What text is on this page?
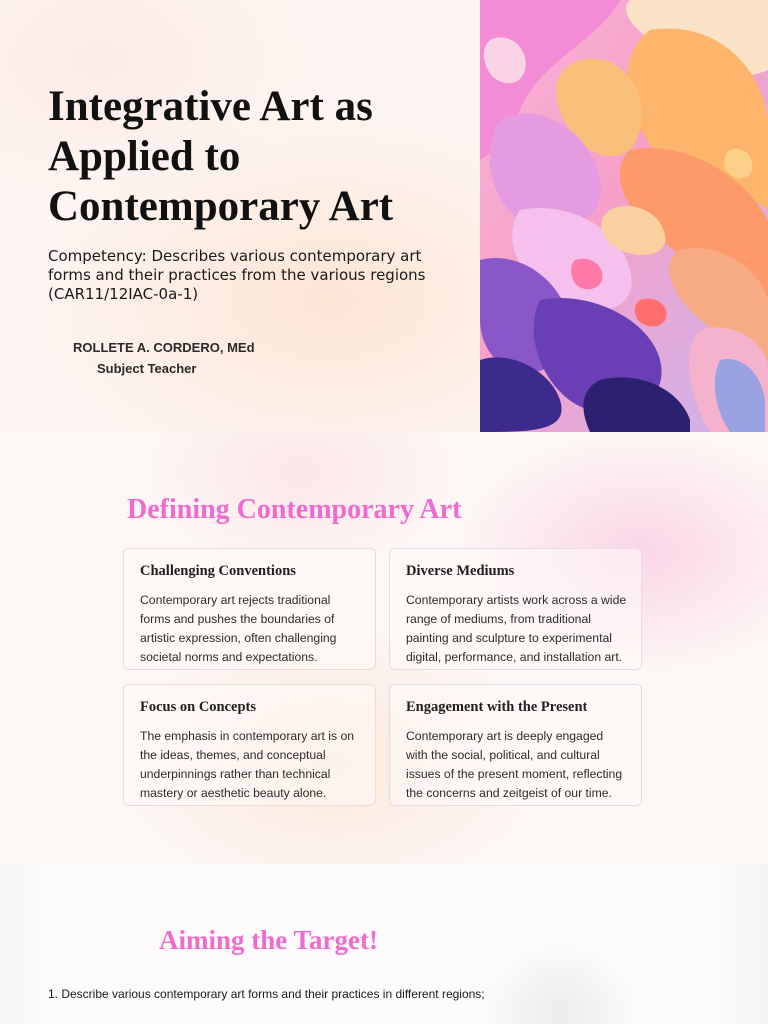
Integrative Art as Applied to Contemporary Art

Competency: Describes various contemporary art forms and their practices from the various regions (CAR11/12IAC-0a-1)

ROLLETE A. CORDERO, MEd

Subject Teacher

Defining Contemporary Art
Challenging Conventions

Contemporary art rejects traditional forms and pushes the boundaries of artistic expression, often challenging societal norms and expectations.

Diverse Mediums

Contemporary artists work across a wide range of mediums, from traditional painting and sculpture to experimental digital, performance, and installation art.

Focus on Concepts

The emphasis in contemporary art is on the ideas, themes, and conceptual underpinnings rather than technical mastery or aesthetic beauty alone.

Engagement with the Present

Contemporary art is deeply engaged with the social, political, and cultural issues of the present moment, reflecting the concerns and zeitgeist of our time.

Aiming the Target!

1. Describe various contemporary art forms and their practices in different regions;
